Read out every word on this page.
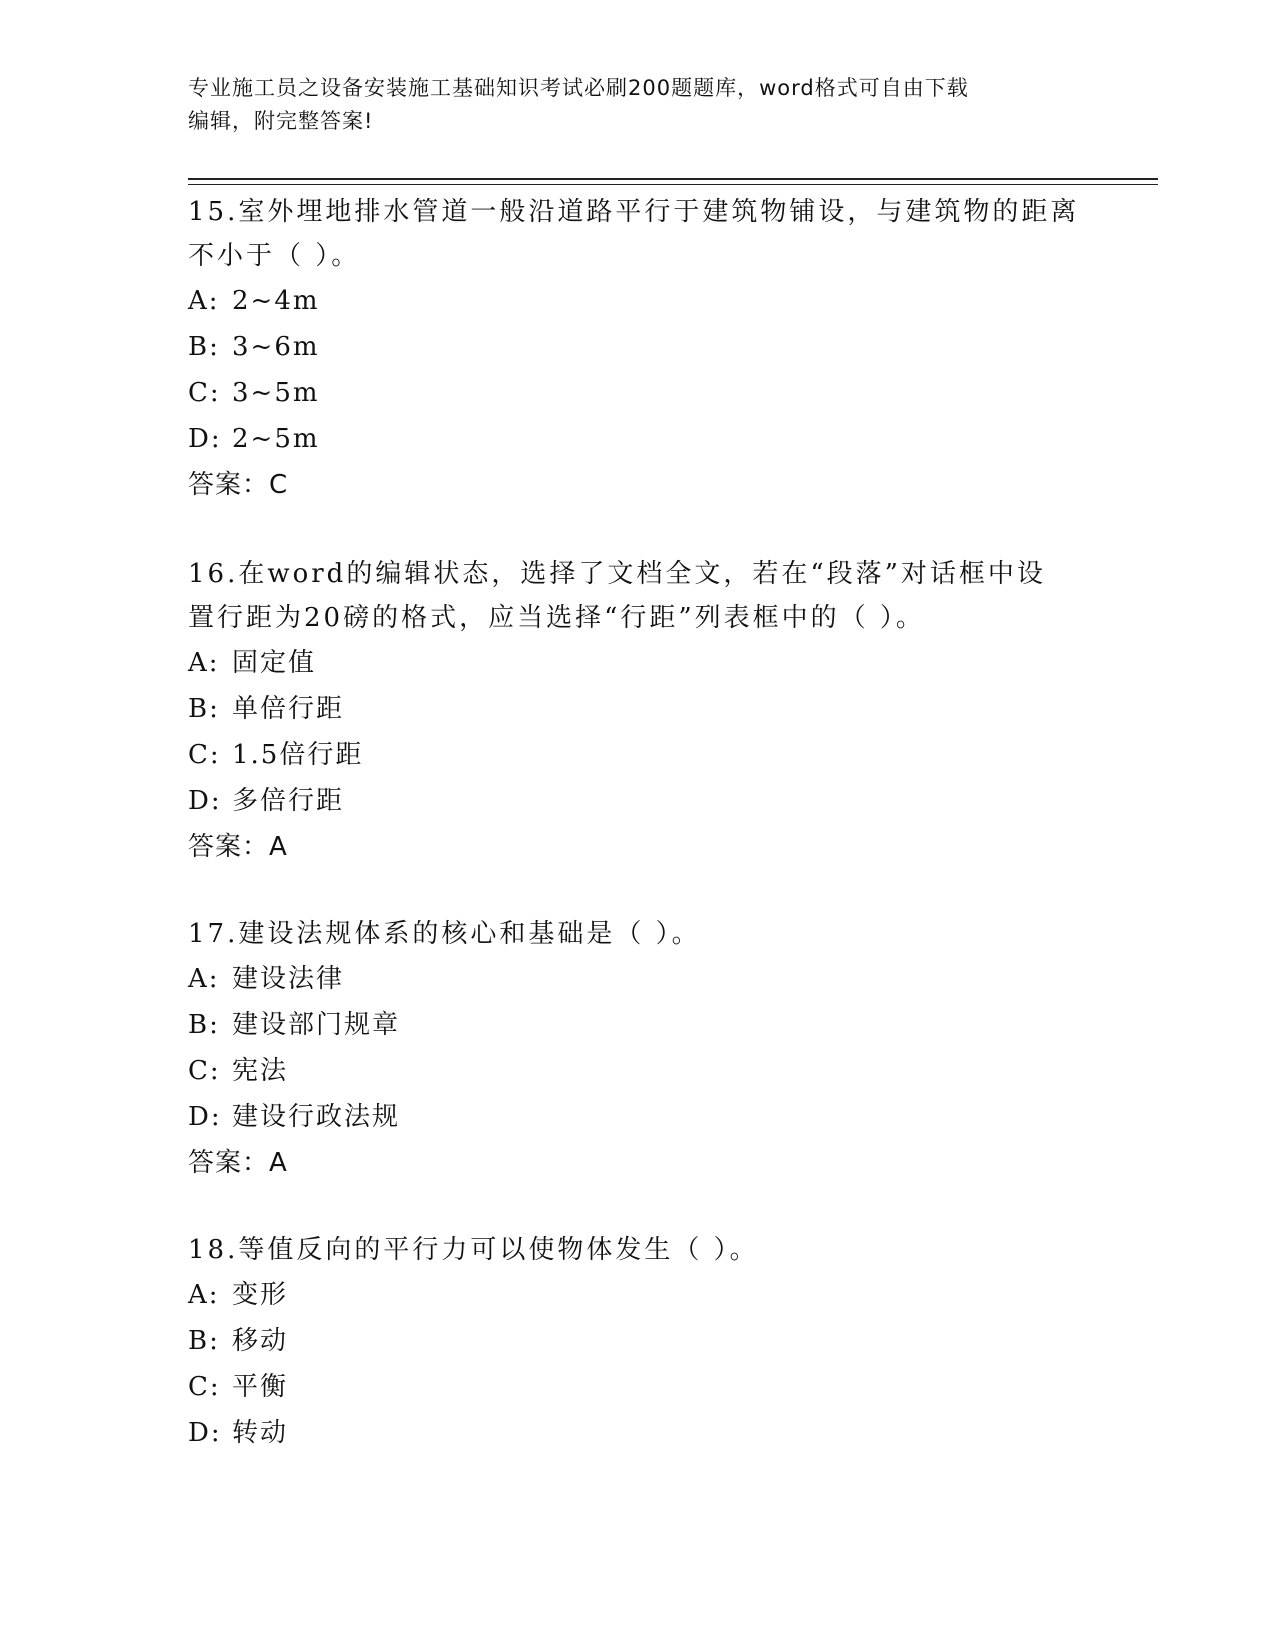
专业施工员之设备安装施工基础知识考试必刷200题题库，word格式可自由下载
编辑，附完整答案!
15.室外埋地排水管道一般沿道路平行于建筑物铺设，与建筑物的距离
不小于（ ）。
A: 2~4m
B: 3~6m
C: 3~5m
D: 2~5m
答案：C
16.在word的编辑状态，选择了文档全文，若在“段落”对话框中设
置行距为20磅的格式，应当选择“行距”列表框中的（ ）。
A: 固定值
B: 单倍行距
C: 1.5倍行距
D: 多倍行距
答案：A
17.建设法规体系的核心和基础是（ ）。
A: 建设法律
B: 建设部门规章
C: 宪法
D: 建设行政法规
答案：A
18.等值反向的平行力可以使物体发生（ ）。
A: 变形
B: 移动
C: 平衡
D: 转动
